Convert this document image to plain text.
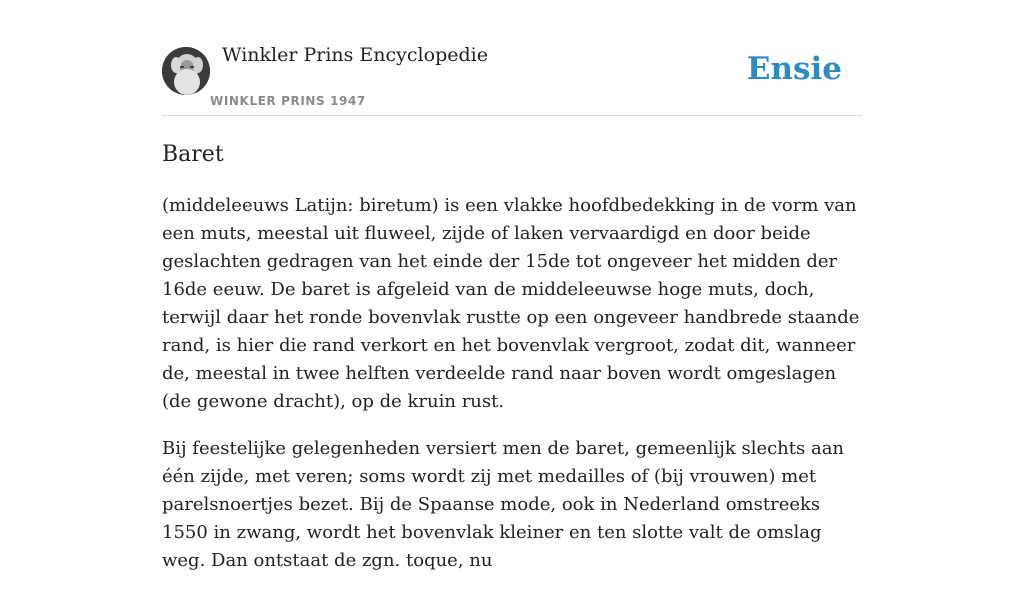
Winkler Prins Encyclopedie
WINKLER PRINS 1947
Ensie
Baret

(middeleeuws Latijn: biretum) is een vlakke hoofdbedekking in de vorm van een muts, meestal uit fluweel, zijde of laken vervaardigd en door beide geslachten gedragen van het einde der 15de tot ongeveer het midden der 16de eeuw. De baret is afgeleid van de middeleeuwse hoge muts, doch, terwijl daar het ronde bovenvlak rustte op een ongeveer handbrede staande rand, is hier die rand verkort en het bovenvlak vergroot, zodat dit, wanneer de, meestal in twee helften verdeelde rand naar boven wordt omgeslagen (de gewone dracht), op de kruin rust.

Bij feestelijke gelegenheden versiert men de baret, gemeenlijk slechts aan één zijde, met veren; soms wordt zij met medailles of (bij vrouwen) met parelsnoertjes bezet. Bij de Spaanse mode, ook in Nederland omstreeks 1550 in zwang, wordt het bovenvlak kleiner en ten slotte valt de omslag weg. Dan ontstaat de zgn. toque, nu
